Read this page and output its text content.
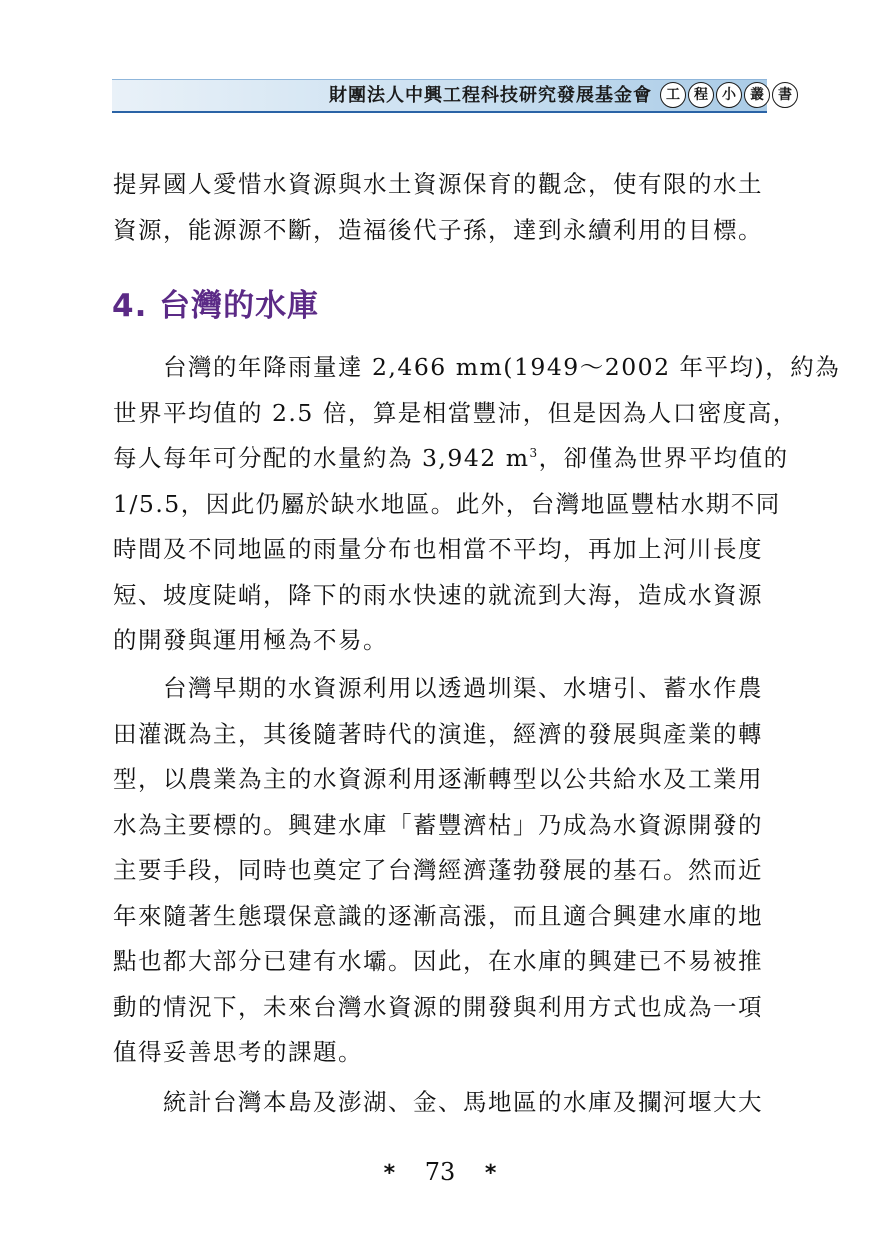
財團法人中興工程科技研究發展基金會	工	程	小	叢	書

提昇國人愛惜水資源與水土資源保育的觀念，使有限的水土
資源，能源源不斷，造福後代子孫，達到永續利用的目標。

4. 台灣的水庫

台灣的年降雨量達 2,466 mm(1949～2002 年平均)，約為
世界平均值的 2.5 倍，算是相當豐沛，但是因為人口密度高，
每人每年可分配的水量約為 3,942 $m^3$，卻僅為世界平均值的
1/5.5，因此仍屬於缺水地區。此外，台灣地區豐枯水期不同
時間及不同地區的雨量分布也相當不平均，再加上河川長度
短、坡度陡峭，降下的雨水快速的就流到大海，造成水資源
的開發與運用極為不易。

台灣早期的水資源利用以透過圳渠、水塘引、蓄水作農
田灌溉為主，其後隨著時代的演進，經濟的發展與產業的轉
型，以農業為主的水資源利用逐漸轉型以公共給水及工業用
水為主要標的。興建水庫「蓄豐濟枯」乃成為水資源開發的
主要手段，同時也奠定了台灣經濟蓬勃發展的基石。然而近
年來隨著生態環保意識的逐漸高漲，而且適合興建水庫的地
點也都大部分已建有水壩。因此，在水庫的興建已不易被推
動的情況下，未來台灣水資源的開發與利用方式也成為一項
值得妥善思考的課題。

統計台灣本島及澎湖、金、馬地區的水庫及攔河堰大大

* 73 *
